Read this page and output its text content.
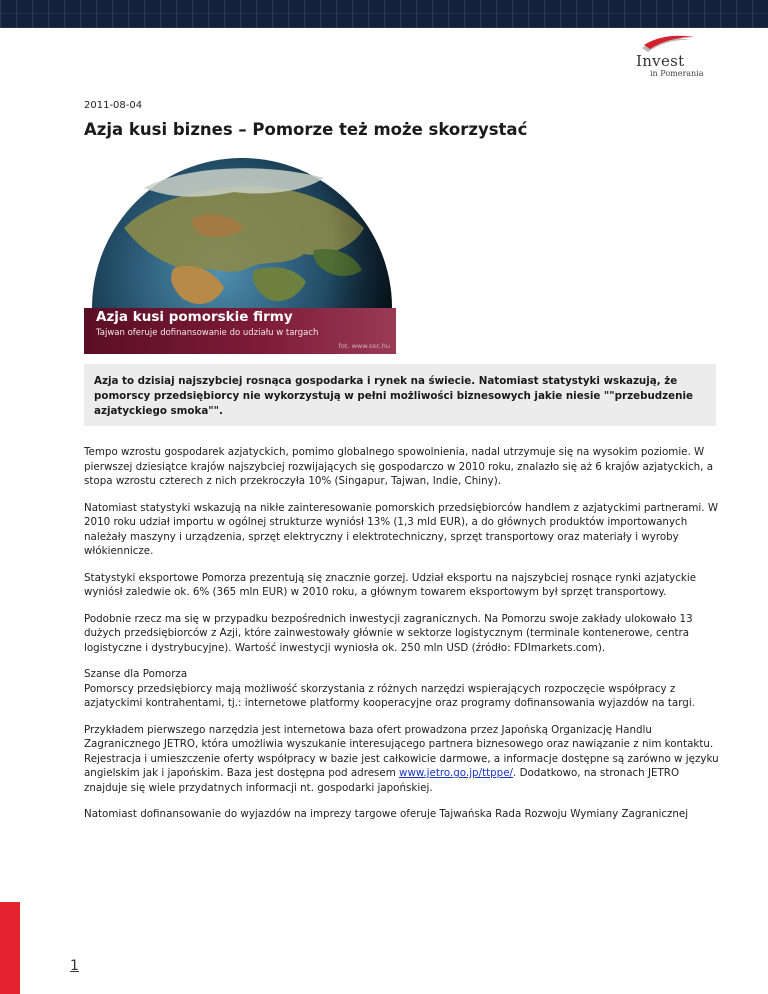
Invest
in Pomerania
2011-08-04
Azja kusi biznes – Pomorze też może skorzystać
Azja kusi pomorskie firmy
Tajwan oferuje dofinansowanie do udziału w targach
fot. www.sxc.hu
Azja to dzisiaj najszybciej rosnąca gospodarka i rynek na świecie. Natomiast statystyki wskazują, że pomorscy przedsiębiorcy nie wykorzystują w pełni możliwości biznesowych jakie niesie ""przebudzenie azjatyckiego smoka"".

Tempo wzrostu gospodarek azjatyckich, pomimo globalnego spowolnienia, nadal utrzymuje się na wysokim poziomie. W pierwszej dziesiątce krajów najszybciej rozwijających się gospodarczo w 2010 roku, znalazło się aż 6 krajów azjatyckich, a stopa wzrostu czterech z nich przekroczyła 10% (Singapur, Tajwan, Indie, Chiny).

Natomiast statystyki wskazują na nikłe zainteresowanie pomorskich przedsiębiorców handlem z azjatyckimi partnerami. W 2010 roku udział importu w ogólnej strukturze wyniósł 13% (1,3 mld EUR), a do głównych produktów importowanych należały maszyny i urządzenia, sprzęt elektryczny i elektrotechniczny, sprzęt transportowy oraz materiały i wyroby włókiennicze.

Statystyki eksportowe Pomorza prezentują się znacznie gorzej. Udział eksportu na najszybciej rosnące rynki azjatyckie wyniósł zaledwie ok. 6% (365 mln EUR) w 2010 roku, a głównym towarem eksportowym był sprzęt transportowy.

Podobnie rzecz ma się w przypadku bezpośrednich inwestycji zagranicznych. Na Pomorzu swoje zakłady ulokowało 13 dużych przedsiębiorców z Azji, które zainwestowały głównie w sektorze logistycznym (terminale kontenerowe, centra logistyczne i dystrybucyjne). Wartość inwestycji wyniosła ok. 250 mln USD (źródło: FDImarkets.com).

Szanse dla Pomorza
Pomorscy przedsiębiorcy mają możliwość skorzystania z różnych narzędzi wspierających rozpoczęcie współpracy z azjatyckimi kontrahentami, tj.: internetowe platformy kooperacyjne oraz programy dofinansowania wyjazdów na targi.

Przykładem pierwszego narzędzia jest internetowa baza ofert prowadzona przez Japońską Organizację Handlu Zagranicznego JETRO, która umożliwia wyszukanie interesującego partnera biznesowego oraz nawiązanie z nim kontaktu. Rejestracja i umieszczenie oferty współpracy w bazie jest całkowicie darmowe, a informacje dostępne są zarówno w języku angielskim jak i japońskim. Baza jest dostępna pod adresem www.jetro.go.jp/ttppe/. Dodatkowo, na stronach JETRO znajduje się wiele przydatnych informacji nt. gospodarki japońskiej.

Natomiast dofinansowanie do wyjazdów na imprezy targowe oferuje Tajwańska Rada Rozwoju Wymiany Zagranicznej

1
